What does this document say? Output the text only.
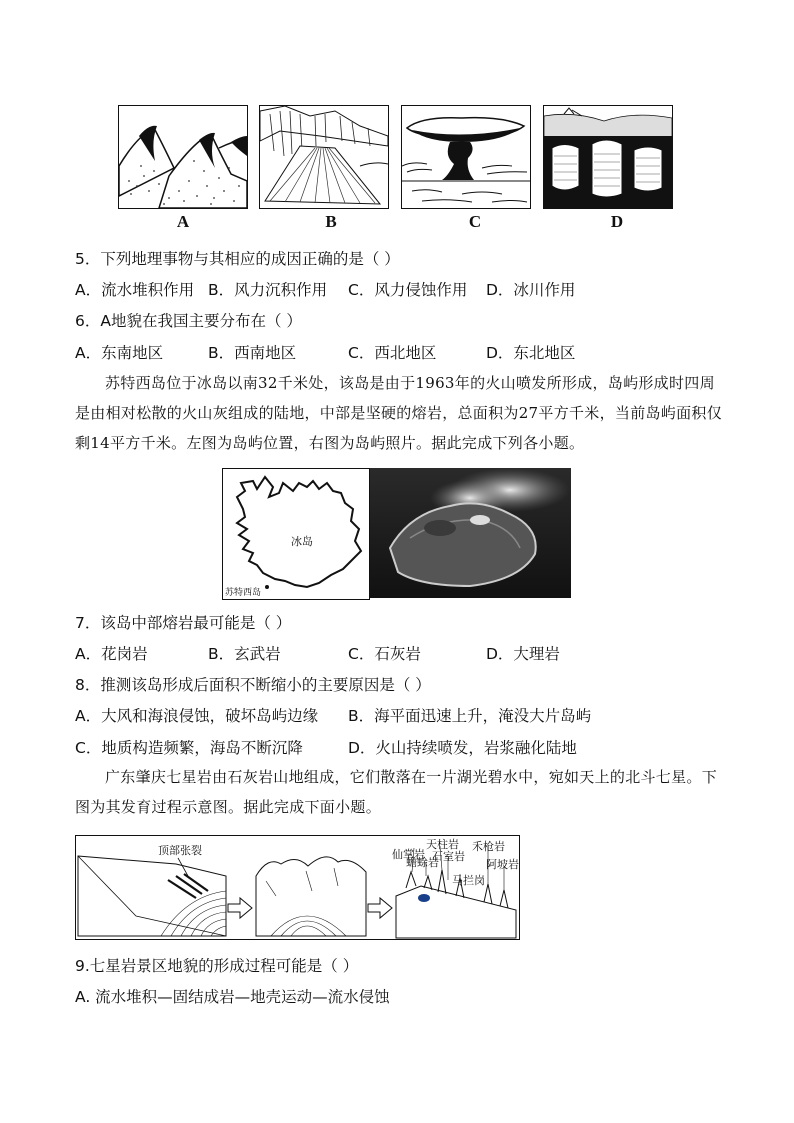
A	B	C	D
5．下列地理事物与其相应的成因正确的是（ ）
A．流水堆积作用 B．风力沉积作用 C．风力侵蚀作用 D．冰川作用
6．A地貌在我国主要分布在（ ）
A．东南地区	B．西南地区	C．西北地区	D．东北地区
苏特西岛位于冰岛以南32千米处，该岛是由于1963年的火山喷发所形成，岛屿形成时四周是由相对松散的火山灰组成的陆地，中部是坚硬的熔岩，总面积为27平方千米，当前岛屿面积仅剩14平方千米。左图为岛屿位置，右图为岛屿照片。据此完成下列各小题。
冰岛
苏特西岛
7．该岛中部熔岩最可能是（ ）
A．花岗岩	B．玄武岩	C．石灰岩	D．大理岩
8．推测该岛形成后面积不断缩小的主要原因是（ ）
A．大风和海浪侵蚀，破坏岛屿边缘 B．海平面迅速上升，淹没大片岛屿
C．地质构造频繁，海岛不断沉降	D．火山持续喷发，岩浆融化陆地
广东肇庆七星岩由石灰岩山地组成，它们散落在一片湖光碧水中，宛如天上的北斗七星。下图为其发育过程示意图。据此完成下面小题。
顶部张裂	仙掌岩
蟾蜍岩
天柱岩
石室岩
禾枪岩
马拦岗
阿坡岩
9.七星岩景区地貌的形成过程可能是（ ）
A. 流水堆积—固结成岩—地壳运动—流水侵蚀
